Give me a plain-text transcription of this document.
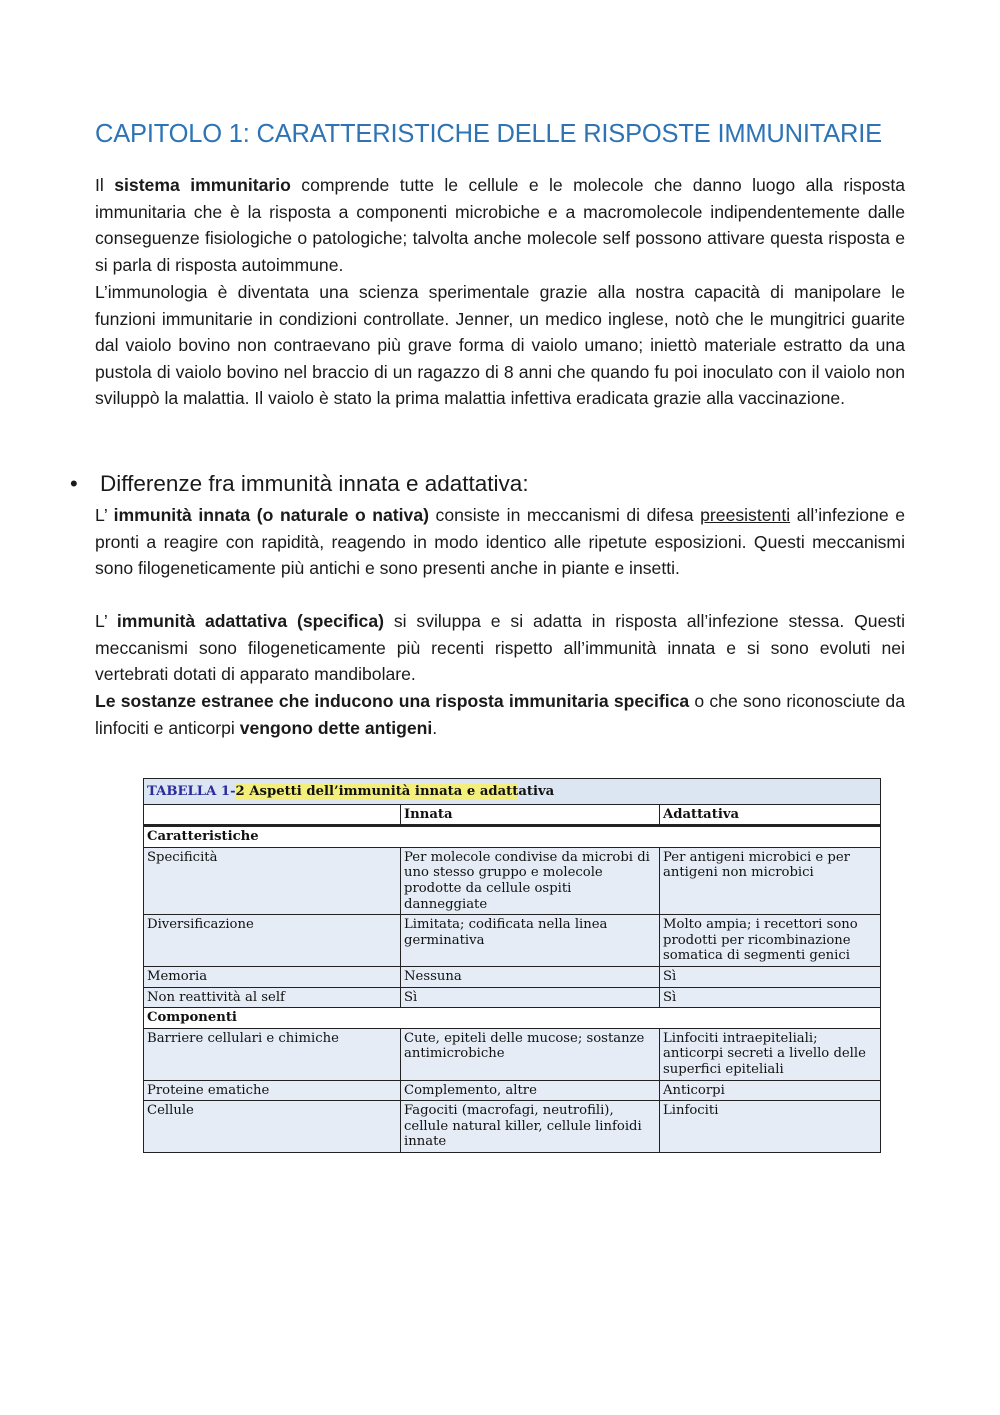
CAPITOLO 1: CARATTERISTICHE DELLE RISPOSTE IMMUNITARIE

Il sistema immunitario comprende tutte le cellule e le molecole che danno luogo alla risposta immunitaria che è la risposta a componenti microbiche e a macromolecole indipendentemente dalle conseguenze fisiologiche o patologiche; talvolta anche molecole self possono attivare questa risposta e si parla di risposta autoimmune.

L’immunologia è diventata una scienza sperimentale grazie alla nostra capacità di manipolare le funzioni immunitarie in condizioni controllate. Jenner, un medico inglese, notò che le mungitrici guarite dal vaiolo bovino non contraevano più grave forma di vaiolo umano; iniettò materiale estratto da una pustola di vaiolo bovino nel braccio di un ragazzo di 8 anni che quando fu poi inoculato con il vaiolo non sviluppò la malattia. Il vaiolo è stato la prima malattia infettiva eradicata grazie alla vaccinazione.

• Differenze fra immunità innata e adattativa:

L’ immunità innata (o naturale o nativa) consiste in meccanismi di difesa preesistenti all’infezione e pronti a reagire con rapidità, reagendo in modo identico alle ripetute esposizioni. Questi meccanismi sono filogeneticamente più antichi e sono presenti anche in piante e insetti.

L’ immunità adattativa (specifica) si sviluppa e si adatta in risposta all’infezione stessa. Questi meccanismi sono filogeneticamente più recenti rispetto all’immunità innata e si sono evoluti nei vertebrati dotati di apparato mandibolare.

Le sostanze estranee che inducono una risposta immunitaria specifica o che sono riconosciute da linfociti e anticorpi vengono dette antigeni.

TABELLA 1-2 Aspetti dell’immunità innata e adattativa		
	Innata	Adattativa
Caratteristiche		
Specificità	Per molecole condivise da microbi di uno stesso gruppo e molecole prodotte da cellule ospiti danneggiate	Per antigeni microbici e per antigeni non microbici
Diversificazione	Limitata; codificata nella linea germinativa	Molto ampia; i recettori sono prodotti per ricombinazione somatica di segmenti genici
Memoria	Nessuna	Sì
Non reattività al self	Sì	Sì
Componenti		
Barriere cellulari e chimiche	Cute, epiteli delle mucose; sostanze antimicrobiche	Linfociti intraepiteliali; anticorpi secreti a livello delle superfici epiteliali
Proteine ematiche	Complemento, altre	Anticorpi
Cellule	Fagociti (macrofagi, neutrofili), cellule natural killer, cellule linfoidi innate	Linfociti
